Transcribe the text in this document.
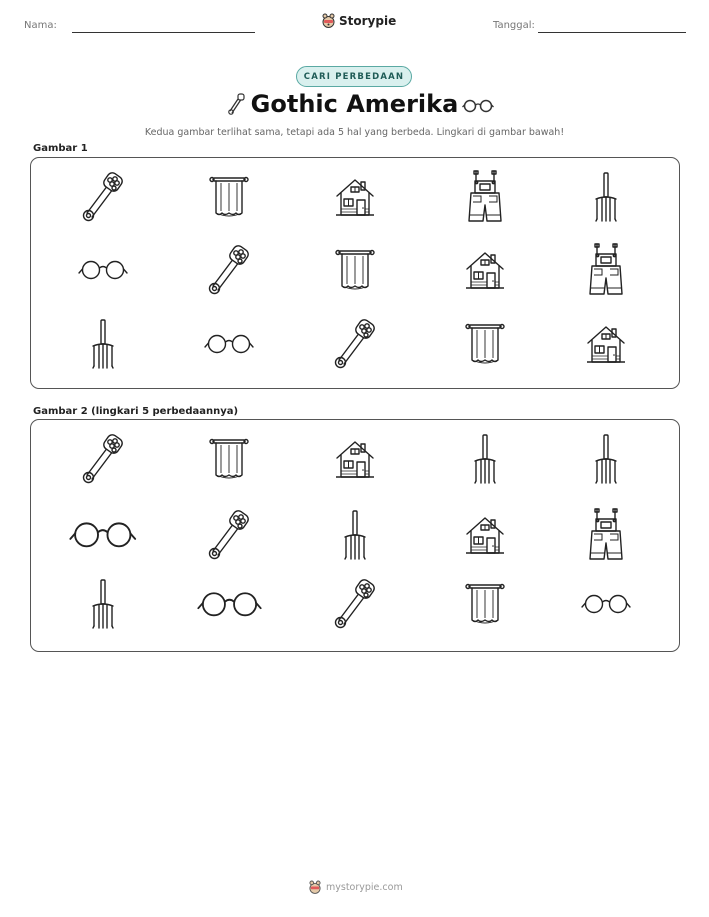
Nama:	Storypie	Tanggal:
CARI PERBEDAAN
Gothic Amerika
Kedua gambar terlihat sama, tetapi ada 5 hal yang berbeda. Lingkari di gambar bawah!
Gambar 1
Gambar 2 (lingkari 5 perbedaannya)
mystorypie.com
